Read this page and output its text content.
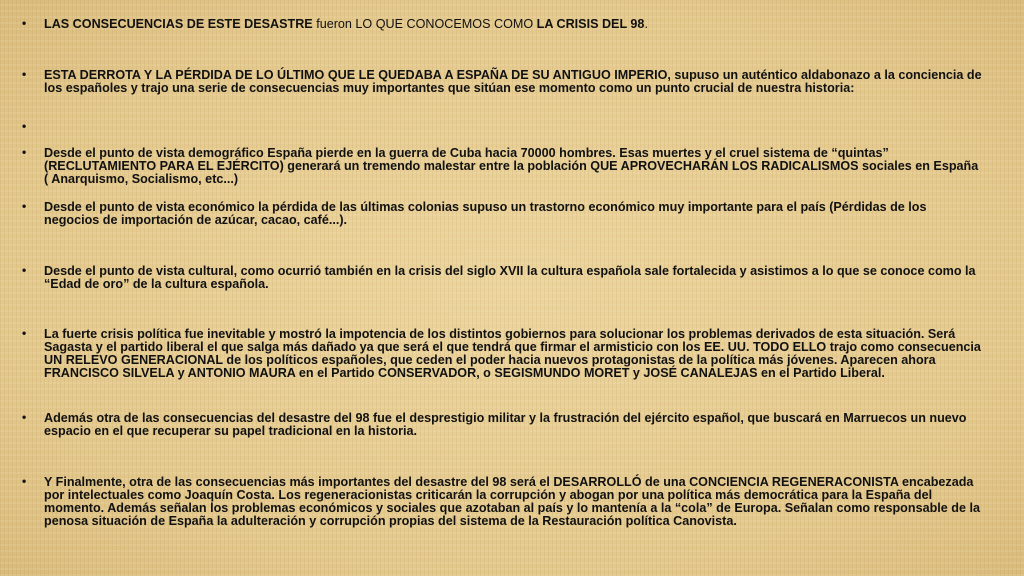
• LAS CONSECUENCIAS DE ESTE DESASTRE fueron LO QUE CONOCEMOS COMO LA CRISIS DEL 98.
• ESTA DERROTA Y LA PÉRDIDA DE LO ÚLTIMO QUE LE QUEDABA A ESPAÑA DE SU ANTIGUO IMPERIO, supuso un auténtico aldabonazo a la conciencia de los españoles y trajo una serie de consecuencias muy importantes que sitúan ese momento como un punto crucial de nuestra historia:
•
• Desde el punto de vista demográfico España pierde en la guerra de Cuba hacia 70000 hombres. Esas muertes y el cruel sistema de “quintas” (RECLUTAMIENTO PARA EL EJÉRCITO) generará un tremendo malestar entre la población QUE APROVECHARÁN LOS RADICALISMOS sociales en España ( Anarquismo, Socialismo, etc...)
• Desde el punto de vista económico la pérdida de las últimas colonias supuso un trastorno económico muy importante para el país (Pérdidas de los negocios de importación de azúcar, cacao, café...).
• Desde el punto de vista cultural, como ocurrió también en la crisis del siglo XVII la cultura española sale fortalecida y asistimos a lo que se conoce como la “Edad de oro” de la cultura española.
• La fuerte crisis política fue inevitable y mostró la impotencia de los distintos gobiernos para solucionar los problemas derivados de esta situación. Será Sagasta y el partido liberal el que salga más dañado ya que será el que tendrá que firmar el armisticio con los EE. UU. TODO ELLO trajo como consecuencia UN RELEVO GENERACIONAL de los políticos españoles, que ceden el poder hacia nuevos protagonistas de la política más jóvenes. Aparecen ahora FRANCISCO SILVELA y ANTONIO MAURA en el Partido CONSERVADOR, o SEGISMUNDO MORET y JOSÉ CANALEJAS en el Partido Liberal.
• Además otra de las consecuencias del desastre del 98 fue el desprestigio militar y la frustración del ejército español, que buscará en Marruecos un nuevo espacio en el que recuperar su papel tradicional en la historia.
• Y Finalmente, otra de las consecuencias más importantes del desastre del 98 será el DESARROLLÓ de una CONCIENCIA REGENERACONISTA encabezada por intelectuales como Joaquín Costa. Los regeneracionistas criticarán la corrupción y abogan por una política más democrática para la España del momento. Además señalan los problemas económicos y sociales que azotaban al país y lo mantenía a la “cola” de Europa. Señalan como responsable de la penosa situación de España la adulteración y corrupción propias del sistema de la Restauración política Canovista.
